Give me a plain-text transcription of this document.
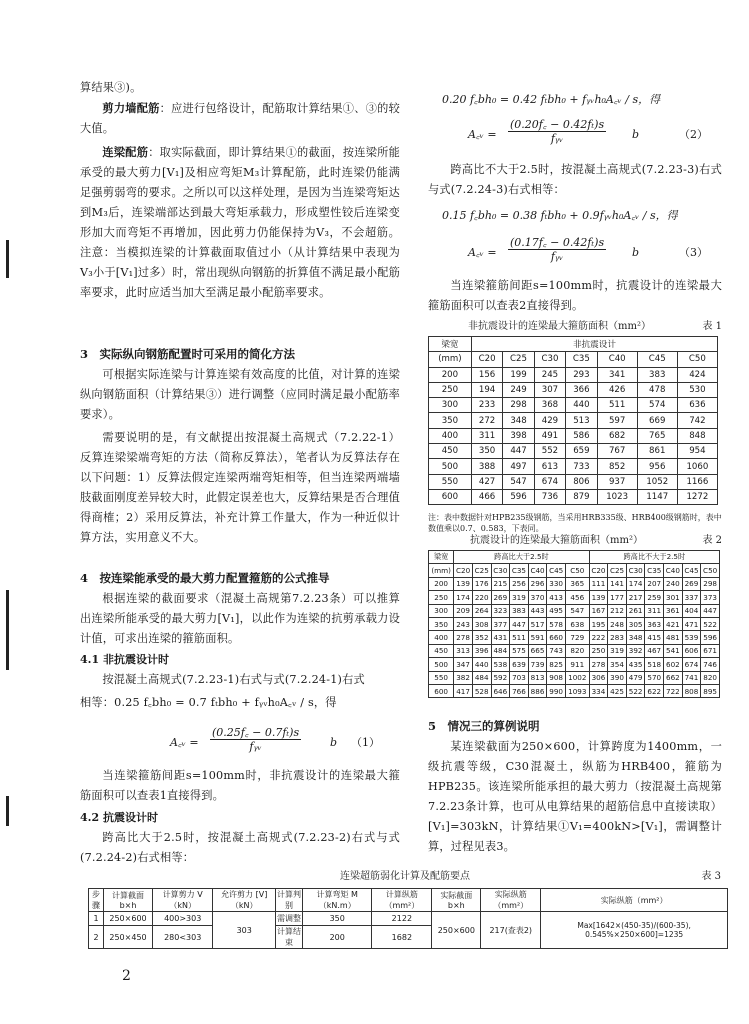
算结果③)。

剪力墙配筋：应进行包络设计，配筋取计算结果①、③的较大值。

连梁配筋：取实际截面，即计算结果①的截面，按连梁所能承受的最大剪力[V₁]及相应弯矩M₃计算配筋，此时连梁仍能满足强剪弱弯的要求。之所以可以这样处理，是因为当连梁弯矩达到M₃后，连梁端部达到最大弯矩承载力，形成塑性铰后连梁变形加大而弯矩不再增加，因此剪力仍能保持为V₃，不会超筋。注意：当模拟连梁的计算截面取值过小（从计算结果中表现为V₃小于[V₁]过多）时，常出现纵向钢筋的折算值不满足最小配筋率要求，此时应适当加大至满足最小配筋率要求。

3　实际纵向钢筋配置时可采用的简化方法

可根据实际连梁与计算连梁有效高度的比值，对计算的连梁纵向钢筋面积（计算结果③）进行调整（应同时满足最小配筋率要求）。

需要说明的是，有文献提出按混凝土高规式（7.2.22-1）反算连梁梁端弯矩的方法（简称反算法），笔者认为反算法存在以下问题：1）反算法假定连梁两端弯矩相等，但当连梁两端墙肢截面刚度差异较大时，此假定误差也大，反算结果是否合理值得商榷；2）采用反算法，补充计算工作量大，作为一种近似计算方法，实用意义不大。

4　按连梁能承受的最大剪力配置箍筋的公式推导

根据连梁的截面要求（混凝土高规第7.2.23条）可以推算出连梁所能承受的最大剪力[V₁]，以此作为连梁的抗剪承载力设计值，可求出连梁的箍筋面积。

4.1 非抗震设计时

按混凝土高规式(7.2.23-1)右式与式(7.2.24-1)右式

相等：0.25 f꜀bh₀ = 0.7 fₜbh₀ + fᵧᵥh₀A꜀ᵥ / s，得

A꜀ᵥ =
(0.25f꜀ − 0.7fₜ)s
fᵧᵥ	b （1）

当连梁箍筋间距s=100mm时，非抗震设计的连梁最大箍筋面积可以查表1直接得到。

4.2 抗震设计时

跨高比大于2.5时，按混凝土高规式(7.2.23-2)右式与式(7.2.24-2)右式相等：

0.20 f꜀bh₀ = 0.42 fₜbh₀ + fᵧᵥh₀A꜀ᵥ / s，得
A꜀ᵥ =
(0.20f꜀ − 0.42fₜ)s
fᵧᵥ	b	（2）

跨高比不大于2.5时，按混凝土高规式(7.2.23-3)右式与式(7.2.24-3)右式相等：

0.15 f꜀bh₀ = 0.38 fₜbh₀ + 0.9fᵧᵥh₀A꜀ᵥ / s，得
A꜀ᵥ =
(0.17f꜀ − 0.42fₜ)s
fᵧᵥ	b	（3）

当连梁箍筋间距s=100mm时，抗震设计的连梁最大箍筋面积可以查表2直接得到。

非抗震设计的连梁最大箍筋面积（mm²）	表 1
梁宽	非抗震设计						
(mm)	C20	C25	C30	C35	C40	C45	C50
200	156	199	245	293	341	383	424
250	194	249	307	366	426	478	530
300	233	298	368	440	511	574	636
350	272	348	429	513	597	669	742
400	311	398	491	586	682	765	848
450	350	447	552	659	767	861	954
500	388	497	613	733	852	956	1060
550	427	547	674	806	937	1052	1166
600	466	596	736	879	1023	1147	1272

注：表中数据针对HPB235级钢筋，当采用HRB335级、HRB400级钢筋时，表中数值乘以0.7、0.583，下表同。

抗震设计的连梁最大箍筋面积（mm²）	表 2
梁宽	跨高比大于2.5时							跨高比不大于2.5时						
(mm)	C20	C25	C30	C35	C40	C45	C50	C20	C25	C30	C35	C40	C45	C50
200	139	176	215	256	296	330	365	111	141	174	207	240	269	298
250	174	220	269	319	370	413	456	139	177	217	259	301	337	373
300	209	264	323	383	443	495	547	167	212	261	311	361	404	447
350	243	308	377	447	517	578	638	195	248	305	363	421	471	522
400	278	352	431	511	591	660	729	222	283	348	415	481	539	596
450	313	396	484	575	665	743	820	250	319	392	467	541	606	671
500	347	440	538	639	739	825	911	278	354	435	518	602	674	746
550	382	484	592	703	813	908	1002	306	390	479	570	662	741	820
600	417	528	646	766	886	990	1093	334	425	522	622	722	808	895

5　情况三的算例说明

某连梁截面为250×600，计算跨度为1400mm，一级抗震等级，C30混凝土，纵筋为HRB400，箍筋为HPB235。该连梁所能承担的最大剪力（按混凝土高规第7.2.23条计算，也可从电算结果的超筋信息中直接读取）[V₁]=303kN，计算结果①V₁=400kN>[V₁]，需调整计算，过程见表3。

连梁超筋弱化计算及配筋要点	表 3
步骤	计算截面 b×h	计算剪力 V（kN）	允许剪力 [V]（kN）	计算判别	计算弯矩 M（kN.m）	计算纵筋（mm²）	实际截面 b×h	实际纵筋（mm²）	实际纵筋（mm²）
1	250×600	400>303	303	需调整	350	2122	250×600	217(查表2)	Max[1642×(450-35)/(600-35), 0.545%×250×600]=1235
2	250×450	280<303		计算结束	200	1682			
2
